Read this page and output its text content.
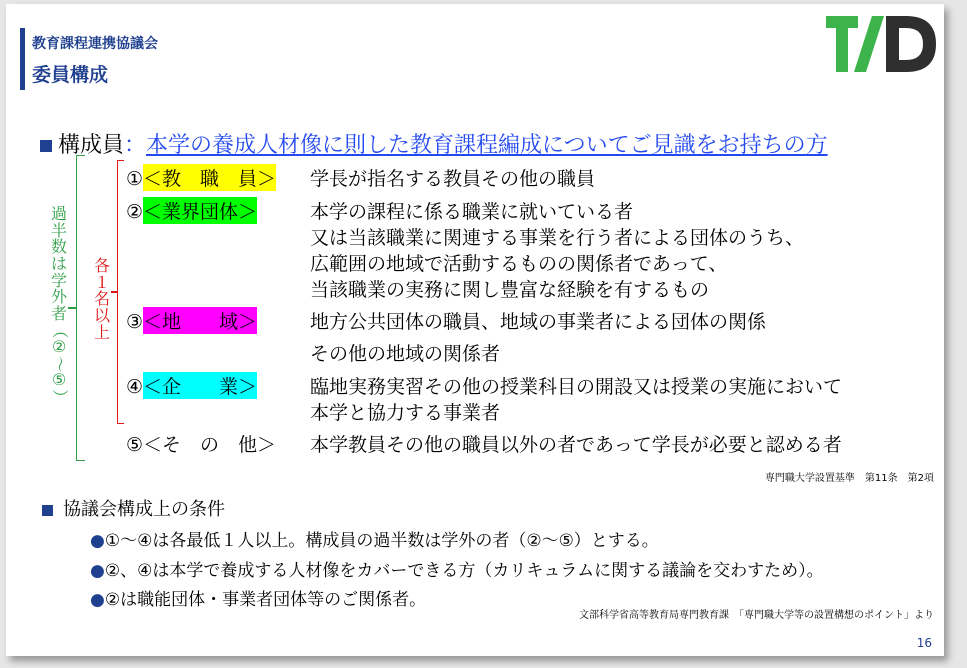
教育課程連携協議会
委員構成
構成員：本学の養成人材像に則した教育課程編成についてご見識をお持ちの方
過
半
数
は
学
外
者
（
②
〜
⑤
）
各
１
名
以
上
①＜教　職　員＞ 学長が指名する教員その他の職員
②＜業界団体＞	本学の課程に係る職業に就いている者
又は当該職業に関連する事業を行う者による団体のうち、
広範囲の地域で活動するものの関係者であって、
当該職業の実務に関し豊富な経験を有するもの
③＜地　　域＞	地方公共団体の職員、地域の事業者による団体の関係
その他の地域の関係者
④＜企　　業＞	臨地実務実習その他の授業科目の開設又は授業の実施において
本学と協力する事業者
⑤＜そ　の　他＞ 本学教員その他の職員以外の者であって学長が必要と認める者
専門職大学設置基準　第11条　第2項
協議会構成上の条件
●①〜④は各最低１人以上。構成員の過半数は学外の者（②〜⑤）とする。
●②、④は本学で養成する人材像をカバーできる方（カリキュラムに関する議論を交わすため）。
●②は職能団体・事業者団体等のご関係者。
文部科学省高等教育局専門教育課　「専門職大学等の設置構想のポイント」より
16
